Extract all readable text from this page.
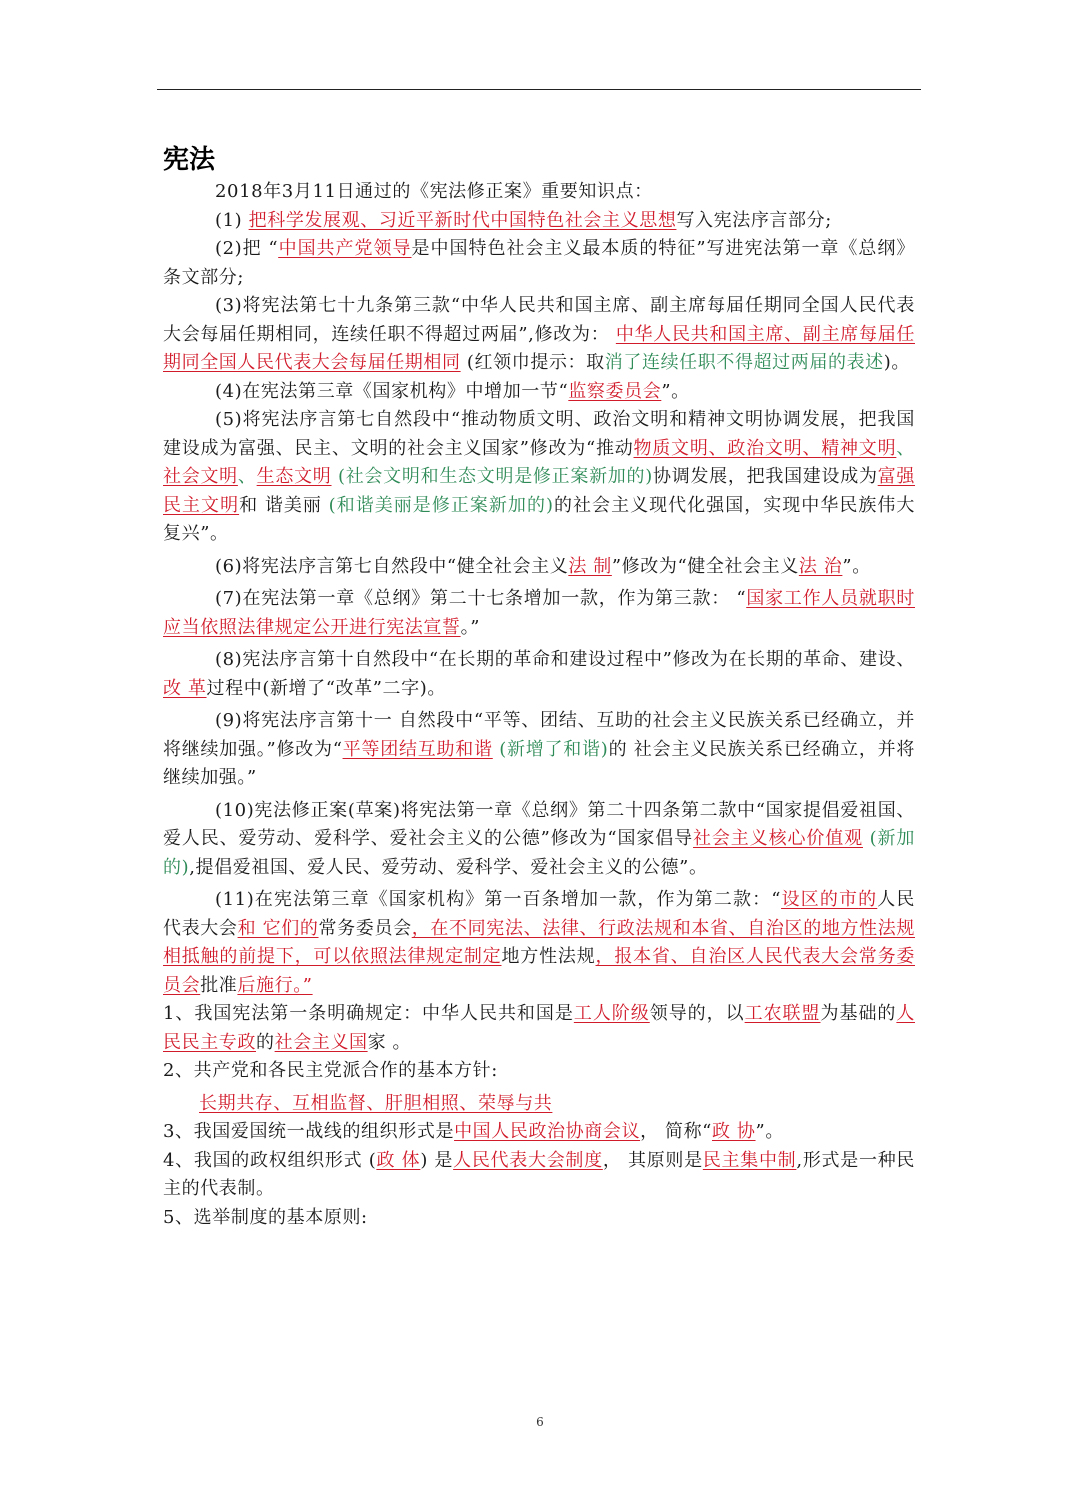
宪法

2018年3月11日通过的《宪法修正案》重要知识点：

(1) 把科学发展观、习近平新时代中国特色社会主义思想写入宪法序言部分;

(2)把 “中国共产党领导是中国特色社会主义最本质的特征”写进宪法第一章《总纲》条文部分;

(3)将宪法第七十九条第三款“中华人民共和国主席、副主席每届任期同全国人民代表大会每届任期相同，连续任职不得超过两届”,修改为： 中华人民共和国主席、副主席每届任期同全国人民代表大会每届任期相同 (红领巾提示：取消了连续任职不得超过两届的表述)。

(4)在宪法第三章《国家机构》中增加一节“监察委员会”。

(5)将宪法序言第七自然段中“推动物质文明、政治文明和精神文明协调发展，把我国建设成为富强、民主、文明的社会主义国家”修改为“推动物质文明、政治文明、精神文明、社会文明、生态文明 (社会文明和生态文明是修正案新加的)协调发展，把我国建设成为富强民主文明和 谐美丽 (和谐美丽是修正案新加的)的社会主义现代化强国，实现中华民族伟大复兴”。

(6)将宪法序言第七自然段中“健全社会主义法 制”修改为“健全社会主义法 治”。

(7)在宪法第一章《总纲》第二十七条增加一款，作为第三款： “国家工作人员就职时应当依照法律规定公开进行宪法宣誓。”

(8)宪法序言第十自然段中“在长期的革命和建设过程中”修改为在长期的革命、建设、 改 革过程中(新增了“改革”二字)。

(9)将宪法序言第十一 自然段中“平等、团结、互助的社会主义民族关系已经确立，并将继续加强。”修改为“平等团结互助和谐 (新增了和谐)的 社会主义民族关系已经确立，并将继续加强。”

(10)宪法修正案(草案)将宪法第一章《总纲》第二十四条第二款中“国家提倡爱祖国、爱人民、爱劳动、爱科学、爱社会主义的公德”修改为“国家倡导社会主义核心价值观 (新加的),提倡爱祖国、爱人民、爱劳动、爱科学、爱社会主义的公德”。

(11)在宪法第三章《国家机构》第一百条增加一款，作为第二款：“设区的市的人民代表大会和 它们的常务委员会，在不同宪法、法律、行政法规和本省、自治区的地方性法规相抵触的前提下，可以依照法律规定制定地方性法规，报本省、自治区人民代表大会常务委员会批准后施行。”

1、我国宪法第一条明确规定：中华人民共和国是工人阶级领导的，以工农联盟为基础的人民民主专政的社会主义国家 。

2、共产党和各民主党派合作的基本方针:

长期共存、互相监督、肝胆相照、荣辱与共

3、我国爱国统一战线的组织形式是中国人民政治协商会议， 简称“政 协”。

4、我国的政权组织形式 (政 体) 是人民代表大会制度， 其原则是民主集中制,形式是一种民主的代表制。

5、选举制度的基本原则:

6
